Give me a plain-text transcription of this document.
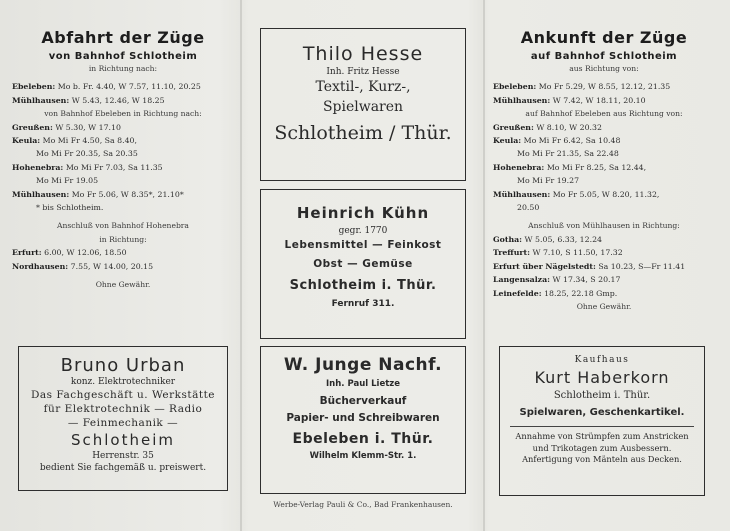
Abfahrt der Züge
von Bahnhof Schlotheim
in Richtung nach:
Ebeleben: Mo b. Fr. 4.40, W 7.57, 11.10, 20.25
Mühlhausen: W 5.43, 12.46, W 18.25
von Bahnhof Ebeleben in Richtung nach:
Greußen: W 5.30, W 17.10
Keula: Mo Mi Fr 4.50, Sa 8.40,
Mo Mi Fr 20.35, Sa 20.35
Hohenebra: Mo Mi Fr 7.03, Sa 11.35
Mo Mi Fr 19.05
Mühlhausen: Mo Fr 5.06, W 8.35*, 21.10*
* bis Schlotheim.
Anschluß von Bahnhof Hohenebra
in Richtung:
Erfurt: 6.00, W 12.06, 18.50
Nordhausen: 7.55, W 14.00, 20.15
Ohne Gewähr.
Bruno Urban
konz. Elektrotechniker
Das Fachgeschäft u. Werkstätte
für Elektrotechnik — Radio
— Feinmechanik —
Schlotheim
Herrenstr. 35
bedient Sie fachgemäß u. preiswert.
Thilo Hesse
Inh. Fritz Hesse
Textil-, Kurz-,
Spielwaren
Schlotheim / Thür.
Heinrich Kühn
gegr. 1770
Lebensmittel — Feinkost
Obst — Gemüse
Schlotheim i. Thür.
Fernruf 311.
W. Junge Nachf.
Inh. Paul Lietze
Bücherverkauf
Papier- und Schreibwaren
Ebeleben i. Thür.
Wilhelm Klemm-Str. 1.
Werbe-Verlag Pauli & Co., Bad Frankenhausen.
Ankunft der Züge
auf Bahnhof Schlotheim
aus Richtung von:
Ebeleben: Mo Fr 5.29, W 8.55, 12.12, 21.35
Mühlhausen: W 7.42, W 18.11, 20.10
auf Bahnhof Ebeleben aus Richtung von:
Greußen: W 8.10, W 20.32
Keula: Mo Mi Fr 6.42, Sa 10.48
Mo Mi Fr 21.35, Sa 22.48
Hohenebra: Mo Mi Fr 8.25, Sa 12.44,
Mo Mi Fr 19.27
Mühlhausen: Mo Fr 5.05, W 8.20, 11.32,
20.50
Anschluß von Mühlhausen in Richtung:
Gotha: W 5.05, 6.33, 12.24
Treffurt: W 7.10, S 11.50, 17.32
Erfurt über Nägelstedt: Sa 10.23, S—Fr 11.41
Langensalza: W 17.34, S 20.17
Leinefelde: 18.25, 22.18 Gmp.
Ohne Gewähr.
Kaufhaus
Kurt Haberkorn
Schlotheim i. Thür.
Spielwaren, Geschenkartikel.
Annahme von Strümpfen zum Anstricken
und Trikotagen zum Ausbessern.
Anfertigung von Mänteln aus Decken.
